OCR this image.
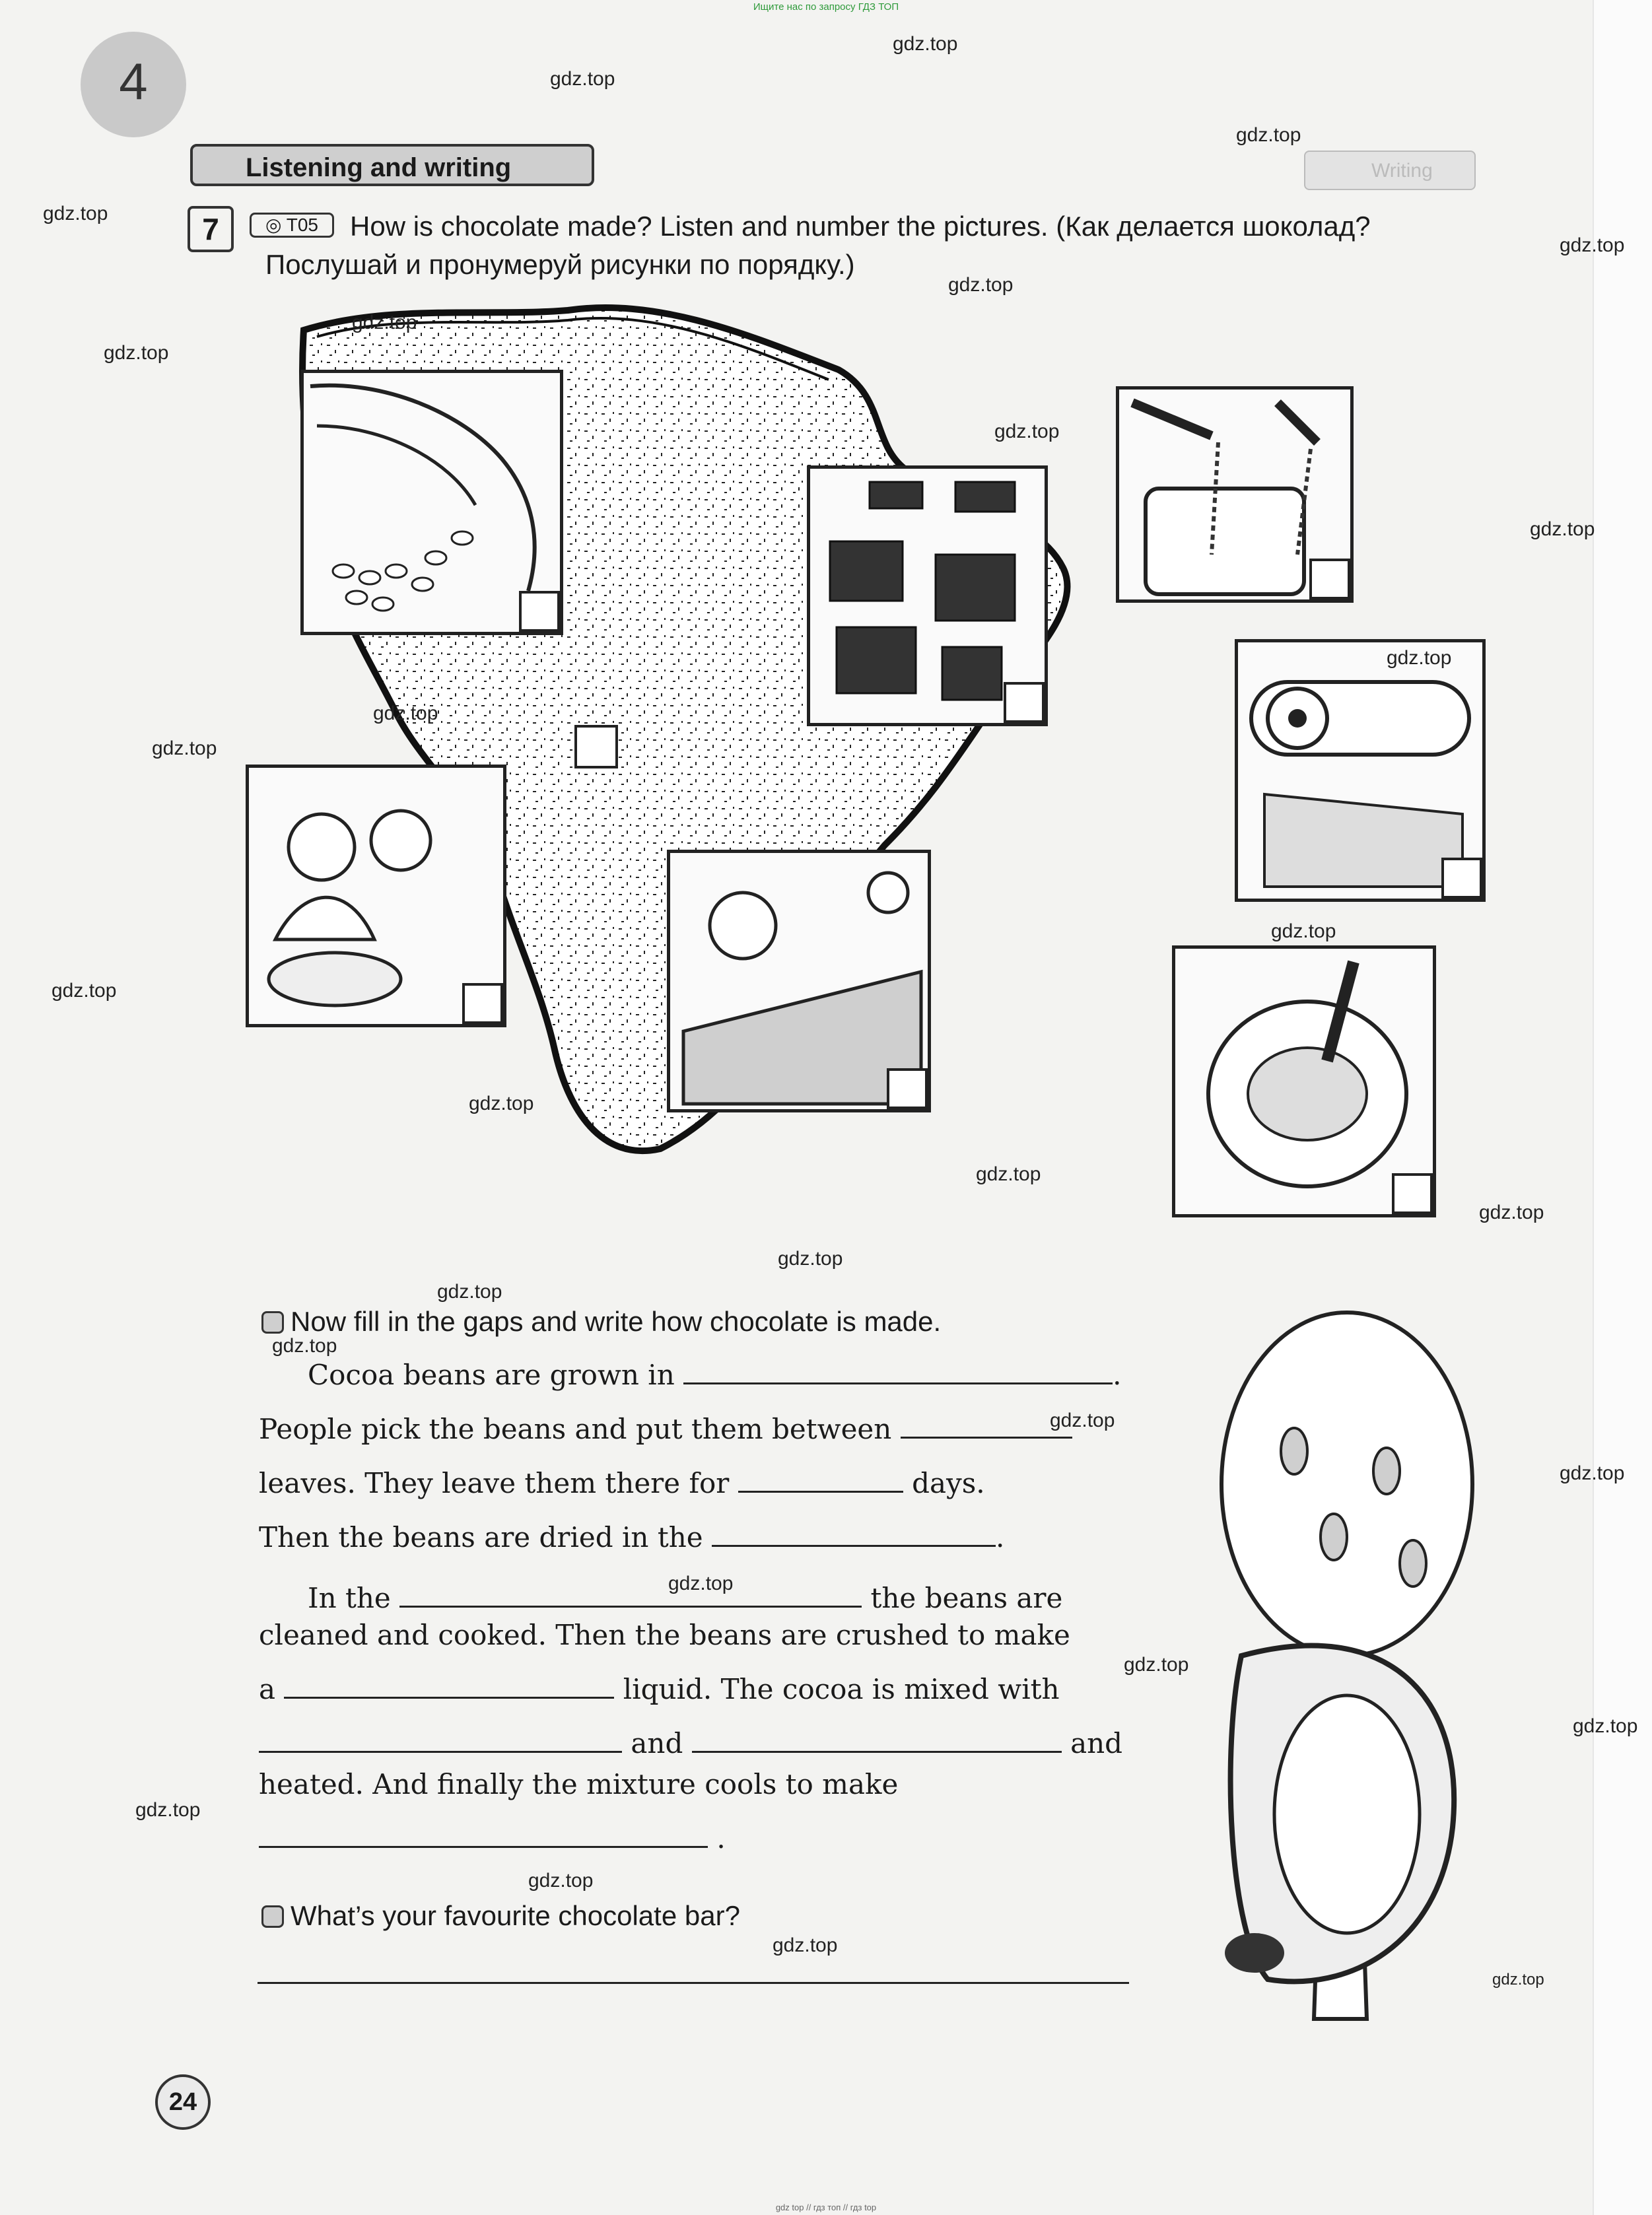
Ищите нас по запросу ГДЗ ТОП
4
Listening and writing	Writing
7	◎ T05	How is chocolate made? Listen and number the pictures. (Как делается шоколад?
Послушай и пронумеруй рисунки по порядку.)
Now fill in the gaps and write how chocolate is made.
Cocoa beans are grown in	.
People pick the beans and put them between
leaves. They leave them there for	days.
Then the beans are dried in the	.
In the	the beans are
cleaned and cooked. Then the beans are crushed to make
a	liquid. The cocoa is mixed with
and	and
heated. And finally the mixture cools to make
.
What’s your favourite chocolate bar?
24
gdz.top
gdz.top
gdz.top
gdz.top
gdz.top
gdz.top
gdz.top
gdz.top
gdz.top
gdz.top
gdz.top
gdz.top
gdz.top
gdz.top
gdz.top
gdz.top
gdz.top
gdz.top
gdz.top
gdz.top
gdz.top
gdz.top
gdz.top
gdz.top
gdz.top
gdz.top
gdz.top
gdz.top
gdz.top
gdz.top
gdz top // гдз топ // гдз top
